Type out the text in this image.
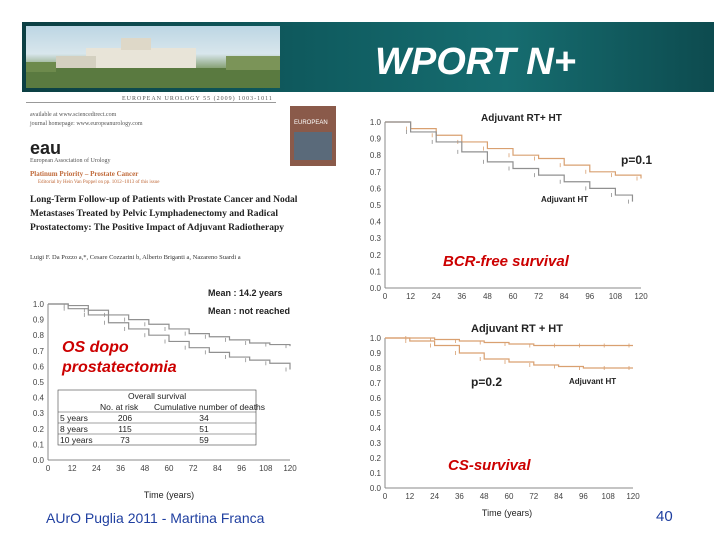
WPORT N+
EUROPEAN UROLOGY 55 (2009) 1003-1011
available at www.sciencedirect.com
journal homepage: www.europeanurology.com	EUROPEAN
eau
European Association of Urology
Platinum Priority – Prostate Cancer
Editorial by Hein Van Poppel on pp. 1012–1013 of this issue
Long-Term Follow-up of Patients with Prostate Cancer and Nodal Metastases Treated by Pelvic Lymphadenectomy and Radical Prostatectomy: The Positive Impact of Adjuvant Radiotherapy
Luigi F. Da Pozzo a,*, Cesare Cozzarini b, Alberto Briganti a, Nazareno Suardi a
0.0
0.1
0.2
0.3
0.4
0.5
0.6
0.7
0.8
0.9
1.0
0 12 24 36 48 60 72 84 96 108 120
Mean : 14.2 years
Mean : not reached
Time (years)
Overall survival
No. at risk Cumulative number of deaths
5 years	206	34
8 years	115	51
10 years	73	59
OS dopo prostatectomia
0.0
0.1
0.2
0.3
0.4
0.5
0.6
0.7
0.8
0.9
1.0
0 12 24 36 48 60 72 84 96 108 120
p=0.1
Adjuvant RT+ HT
Adjuvant HT
BCR-free survival
0.0
0.1
0.2
0.3
0.4
0.5
0.6
0.7
0.8
0.9
1.0
0 12 24 36 48 60 72 84 96 108 120
p=0.2
Adjuvant RT + HT
Adjuvant HT
Time (years)
CS-survival
AUrO Puglia 2011 - Martina Franca	40
